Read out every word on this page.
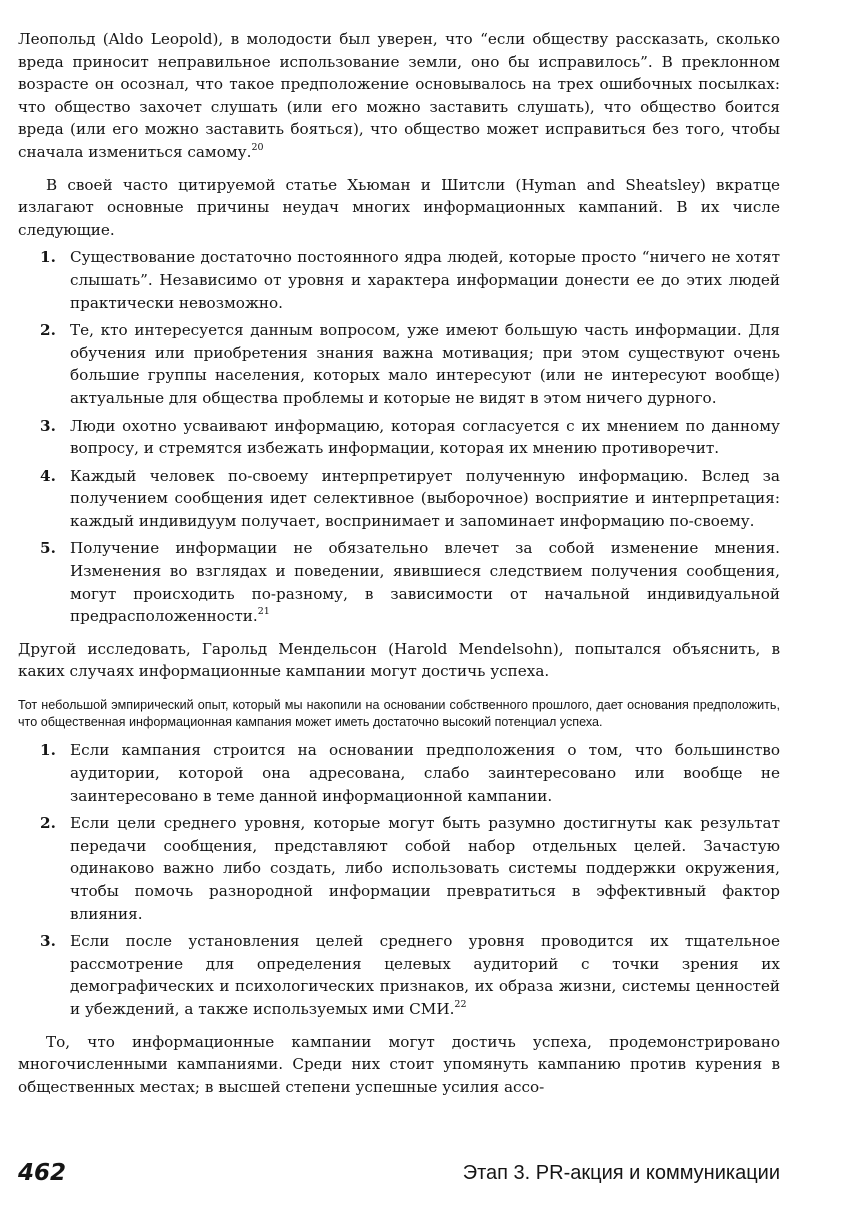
Леопольд (Aldo Leopold), в молодости был уверен, что “если обществу рассказать, сколько вреда приносит неправильное использование земли, оно бы исправилось”. В преклонном возрасте он осознал, что такое предположение основывалось на трех ошибочных посылках: что общество захочет слушать (или его можно заставить слушать), что общество боится вреда (или его можно заставить бояться), что общество может исправиться без того, чтобы сначала измениться самому.$^{20}$

В своей часто цитируемой статье Хьюман и Шитсли (Hyman and Sheatsley) вкратце излагают основные причины неудач многих информационных кампаний. В их числе следующие.

1. Существование достаточно постоянного ядра людей, которые просто “ничего не хотят слышать”. Независимо от уровня и характера информации донести ее до этих людей практически невозможно.
2. Те, кто интересуется данным вопросом, уже имеют большую часть информации. Для обучения или приобретения знания важна мотивация; при этом существуют очень большие группы населения, которых мало интересуют (или не интересуют вообще) актуальные для общества проблемы и которые не видят в этом ничего дурного.
3. Люди охотно усваивают информацию, которая согласуется с их мнением по данному вопросу, и стремятся избежать информации, которая их мнению противоречит.
4. Каждый человек по-своему интерпретирует полученную информацию. Вслед за получением сообщения идет селективное (выборочное) восприятие и интерпретация: каждый индивидуум получает, воспринимает и запоминает информацию по-своему.
5. Получение информации не обязательно влечет за собой изменение мнения. Изменения во взглядах и поведении, явившиеся следствием получения сообщения, могут происходить по-разному, в зависимости от начальной индивидуальной предрасположенности.$^{21}$

Другой исследовать, Гарольд Мендельсон (Harold Mendelsohn), попытался объяснить, в каких случаях информационные кампании могут достичь успеха.

Тот небольшой эмпирический опыт, который мы накопили на основании собственного прошлого, дает основания предположить, что общественная информационная кампания может иметь достаточно высокий потенциал успеха.

1. Если кампания строится на основании предположения о том, что большинство аудитории, которой она адресована, слабо заинтересовано или вообще не заинтересовано в теме данной информационной кампании.
2. Если цели среднего уровня, которые могут быть разумно достигнуты как результат передачи сообщения, представляют собой набор отдельных целей. Зачастую одинаково важно либо создать, либо использовать системы поддержки окружения, чтобы помочь разнородной информации превратиться в эффективный фактор влияния.
3. Если после установления целей среднего уровня проводится их тщательное рассмотрение для определения целевых аудиторий с точки зрения их демографических и психологических признаков, их образа жизни, системы ценностей и убеждений, а также используемых ими СМИ.$^{22}$

То, что информационные кампании могут достичь успеха, продемонстрировано многочисленными кампаниями. Среди них стоит упомянуть кампанию против курения в общественных местах; в высшей степени успешные усилия ассо-

462	Этап 3. PR-акция и коммуникации
